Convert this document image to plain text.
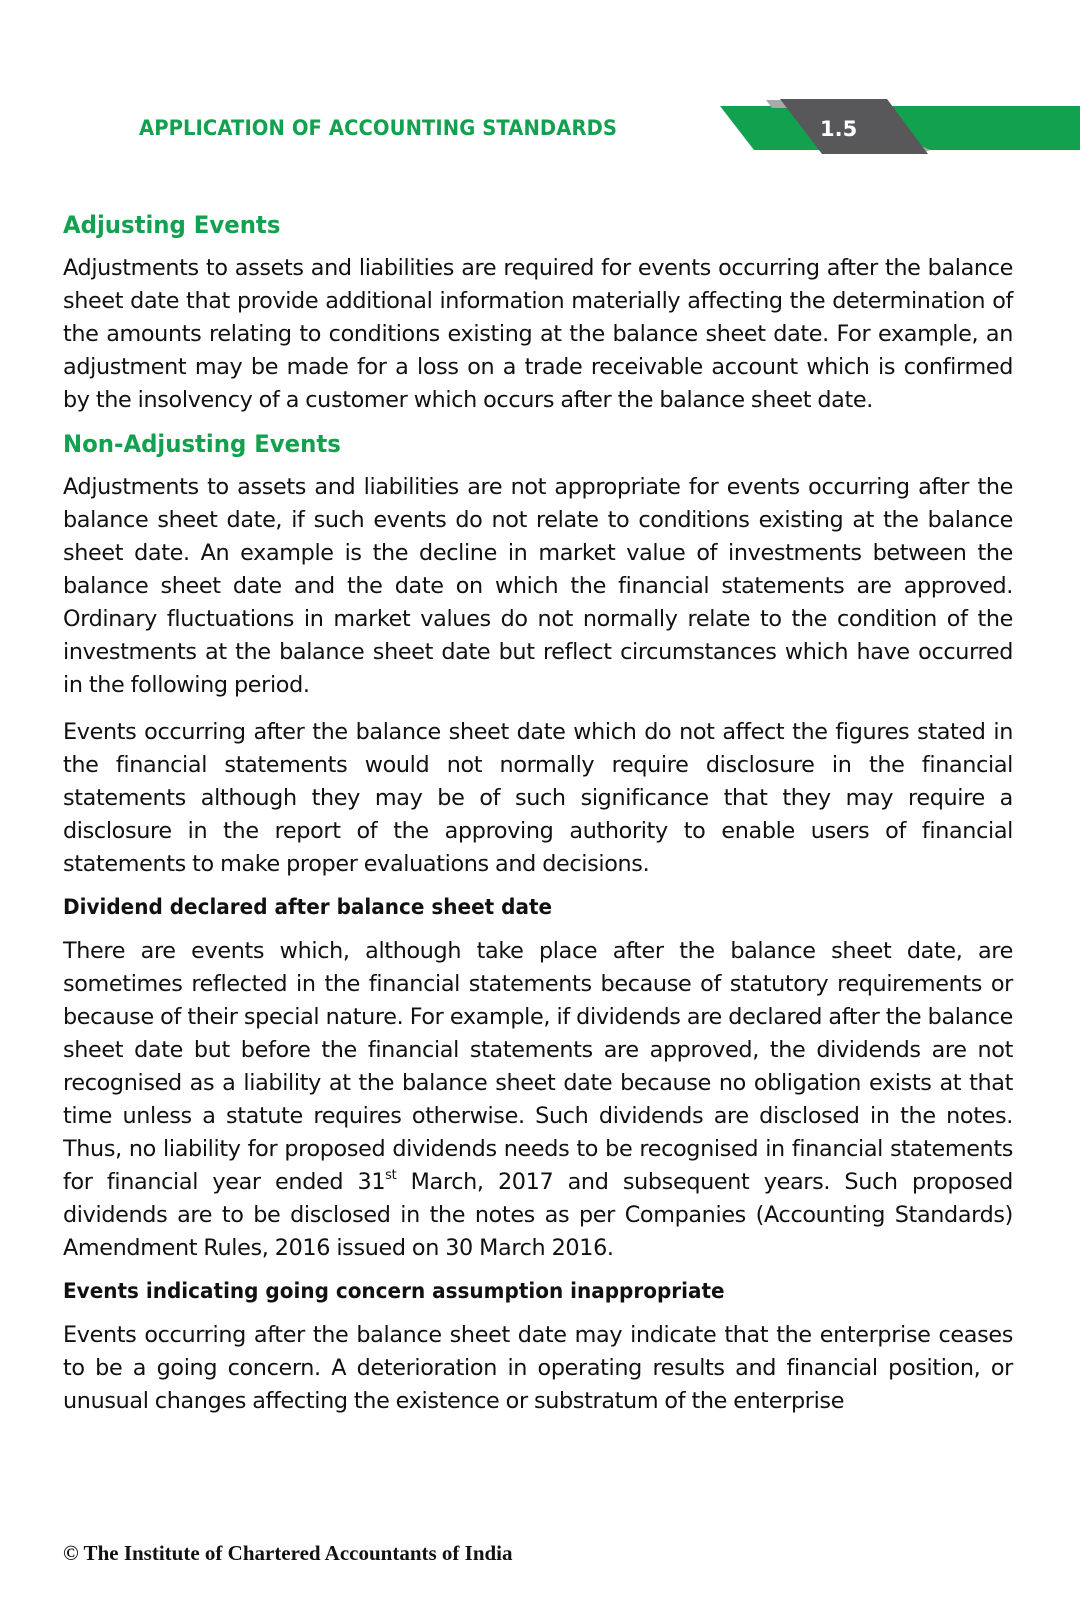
APPLICATION OF ACCOUNTING STANDARDS	1.5
Adjusting Events

Adjustments to assets and liabilities are required for events occurring after the balance sheet date that provide additional information materially affecting the determination of the amounts relating to conditions existing at the balance sheet date. For example, an adjustment may be made for a loss on a trade receivable account which is confirmed by the insolvency of a customer which occurs after the balance sheet date.

Non-Adjusting Events

Adjustments to assets and liabilities are not appropriate for events occurring after the balance sheet date, if such events do not relate to conditions existing at the balance sheet date. An example is the decline in market value of investments between the balance sheet date and the date on which the financial statements are approved. Ordinary fluctuations in market values do not normally relate to the condition of the investments at the balance sheet date but reflect circumstances which have occurred in the following period.

Events occurring after the balance sheet date which do not affect the figures stated in the financial statements would not normally require disclosure in the financial statements although they may be of such significance that they may require a disclosure in the report of the approving authority to enable users of financial statements to make proper evaluations and decisions.

Dividend declared after balance sheet date

There are events which, although take place after the balance sheet date, are sometimes reflected in the financial statements because of statutory requirements or because of their special nature. For example, if dividends are declared after the balance sheet date but before the financial statements are approved, the dividends are not recognised as a liability at the balance sheet date because no obligation exists at that time unless a statute requires otherwise. Such dividends are disclosed in the notes. Thus, no liability for proposed dividends needs to be recognised in financial statements for financial year ended 31st March, 2017 and subsequent years. Such proposed dividends are to be disclosed in the notes as per Companies (Accounting Standards) Amendment Rules, 2016 issued on 30 March 2016.

Events indicating going concern assumption inappropriate

Events occurring after the balance sheet date may indicate that the enterprise ceases to be a going concern. A deterioration in operating results and financial position, or unusual changes affecting the existence or substratum of the enterprise

© The Institute of Chartered Accountants of India
